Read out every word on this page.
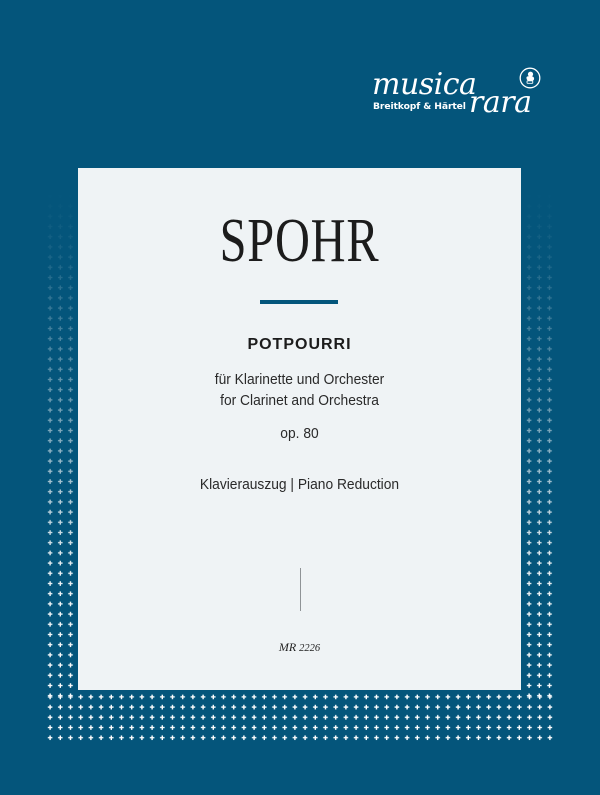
musica
Breitkopf & Härtel rara
SPOHR
POTPOURRI
für Klarinette und Orchester
for Clarinet and Orchestra
op. 80
Klavierauszug | Piano Reduction
MR 2226
